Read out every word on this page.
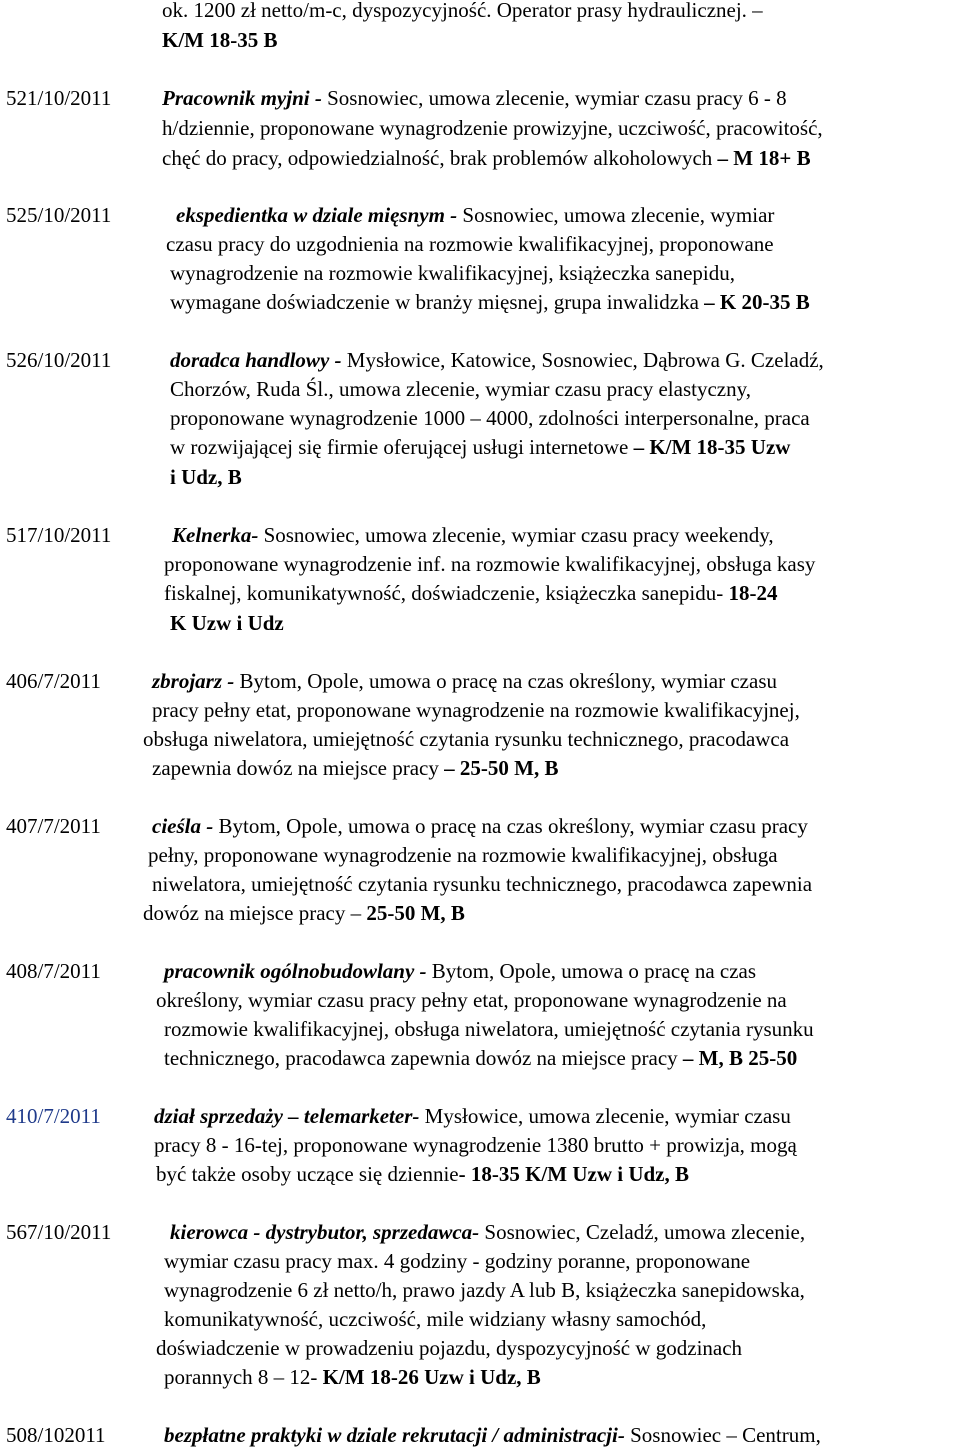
ok. 1200 zł netto/m-c, dyspozycyjność. Operator prasy hydraulicznej. –
K/M 18-35 B
521/10/2011 Pracownik myjni - Sosnowiec, umowa zlecenie, wymiar czasu pracy 6 - 8
h/dziennie, proponowane wynagrodzenie prowizyjne, uczciwość, pracowitość,
chęć do pracy, odpowiedzialność, brak problemów alkoholowych – M 18+ B
525/10/2011	ekspedientka w dziale mięsnym - Sosnowiec, umowa zlecenie, wymiar
czasu pracy do uzgodnienia na rozmowie kwalifikacyjnej, proponowane
wynagrodzenie na rozmowie kwalifikacyjnej, książeczka sanepidu,
wymagane doświadczenie w branży mięsnej, grupa inwalidzka – K 20-35 B
526/10/2011	doradca handlowy - Mysłowice, Katowice, Sosnowiec, Dąbrowa G. Czeladź,
Chorzów, Ruda Śl., umowa zlecenie, wymiar czasu pracy elastyczny,
proponowane wynagrodzenie 1000 – 4000, zdolności interpersonalne, praca
w rozwijającej się firmie oferującej usługi internetowe – K/M 18-35 Uzw
i Udz, B
517/10/2011	Kelnerka- Sosnowiec, umowa zlecenie, wymiar czasu pracy weekendy,
proponowane wynagrodzenie inf. na rozmowie kwalifikacyjnej, obsługa kasy
fiskalnej, komunikatywność, doświadczenie, książeczka sanepidu- 18-24
K Uzw i Udz
406/7/2011 zbrojarz - Bytom, Opole, umowa o pracę na czas określony, wymiar czasu
pracy pełny etat, proponowane wynagrodzenie na rozmowie kwalifikacyjnej,
obsługa niwelatora, umiejętność czytania rysunku technicznego, pracodawca
zapewnia dowóz na miejsce pracy – 25-50 M, B
407/7/2011 cieśla - Bytom, Opole, umowa o pracę na czas określony, wymiar czasu pracy
pełny, proponowane wynagrodzenie na rozmowie kwalifikacyjnej, obsługa
niwelatora, umiejętność czytania rysunku technicznego, pracodawca zapewnia
dowóz na miejsce pracy – 25-50 M, B
408/7/2011	pracownik ogólnobudowlany - Bytom, Opole, umowa o pracę na czas
określony, wymiar czasu pracy pełny etat, proponowane wynagrodzenie na
rozmowie kwalifikacyjnej, obsługa niwelatora, umiejętność czytania rysunku
technicznego, pracodawca zapewnia dowóz na miejsce pracy – M, B 25-50
410/7/2011	dział sprzedaży – telemarketer- Mysłowice, umowa zlecenie, wymiar czasu
pracy 8 - 16-tej, proponowane wynagrodzenie 1380 brutto + prowizja, mogą
być także osoby uczące się dziennie- 18-35 K/M Uzw i Udz, B
567/10/2011	kierowca - dystrybutor, sprzedawca- Sosnowiec, Czeladź, umowa zlecenie,
wymiar czasu pracy max. 4 godziny - godziny poranne, proponowane
wynagrodzenie 6 zł netto/h, prawo jazdy A lub B, książeczka sanepidowska,
komunikatywność, uczciwość, mile widziany własny samochód,
doświadczenie w prowadzeniu pojazdu, dyspozycyjność w godzinach
porannych 8 – 12- K/M 18-26 Uzw i Udz, B
508/102011	bezpłatne praktyki w dziale rekrutacji / administracji- Sosnowiec – Centrum,
